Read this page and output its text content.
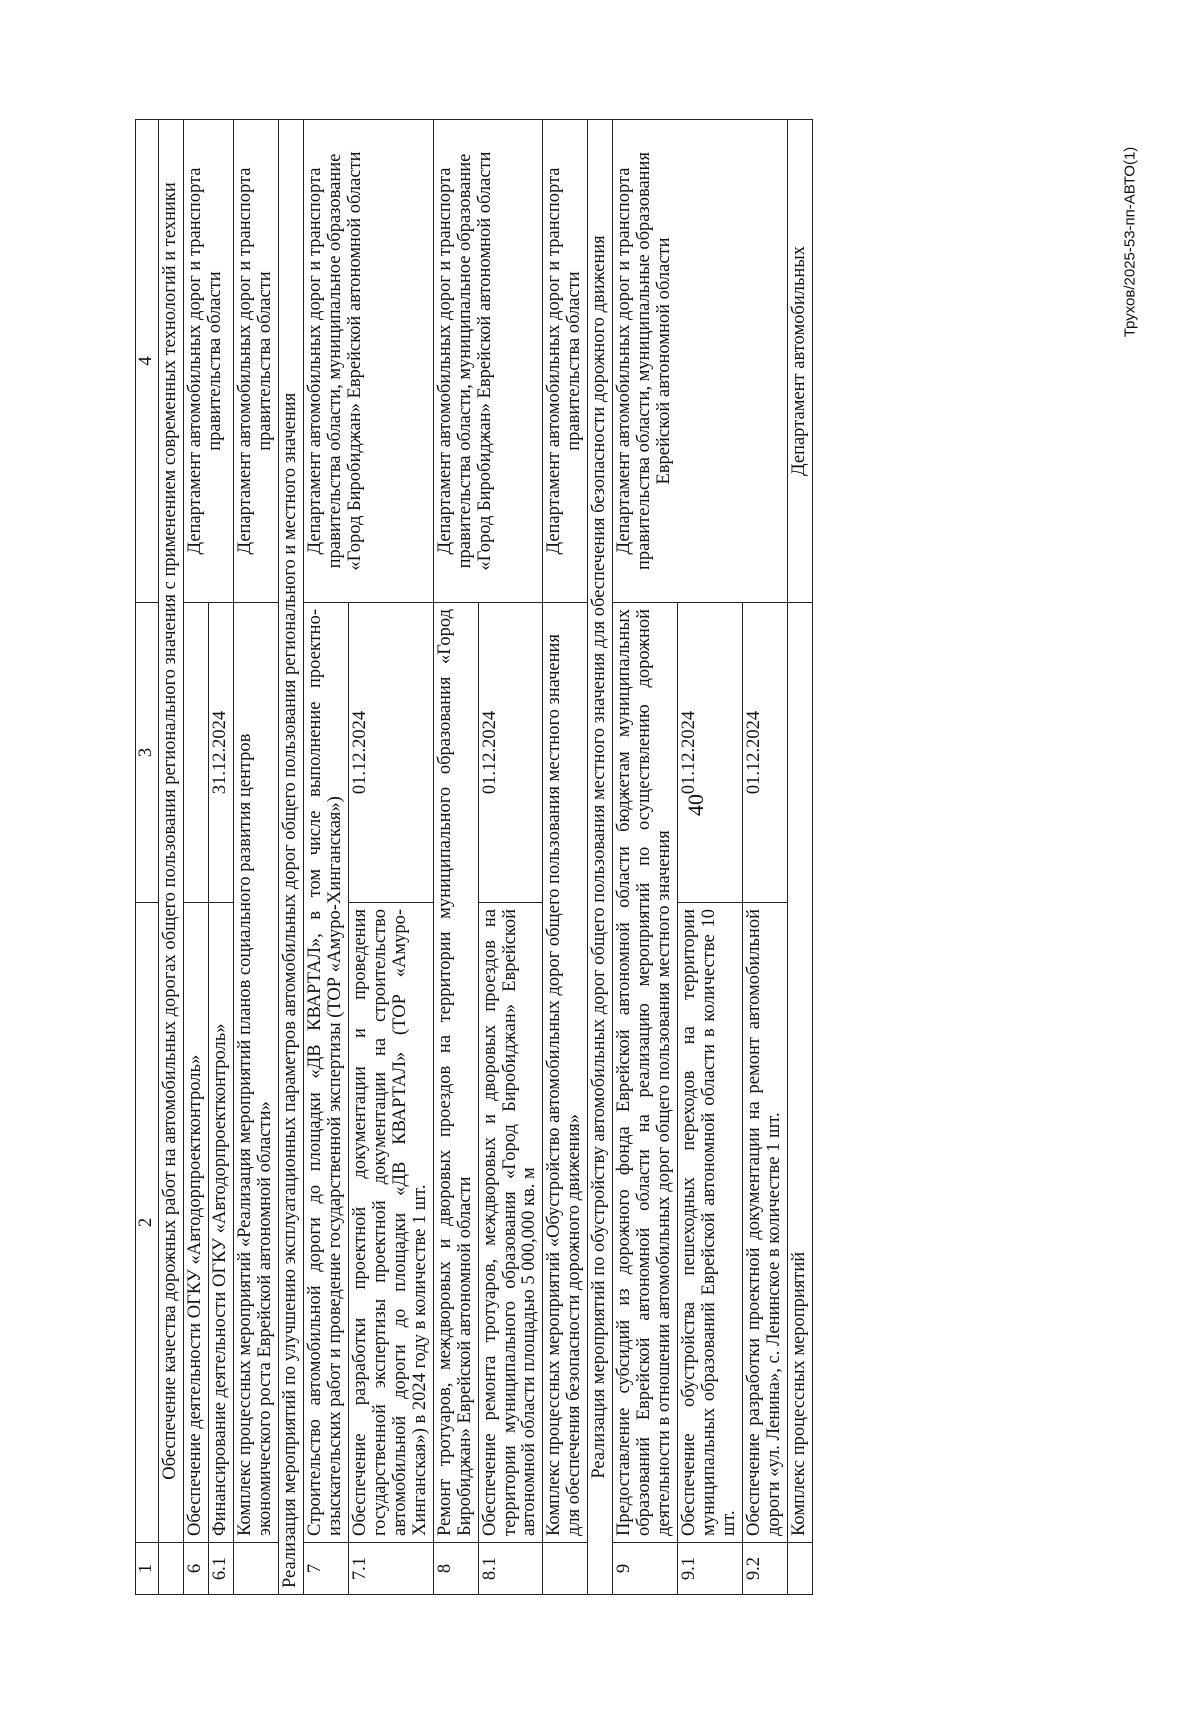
40
Трухов/2025-53-пп-АВТО(1)
1	2	3	4
	Обеспечение качества дорожных работ на автомобильных дорогах общего пользования регионального значения с применением современных технологий и техники		
6	Обеспечение деятельности ОГКУ «Автодорпроектконтроль»		Департамент автомобильных дорог и транспорта правительства области
6.1	Финансирование деятельности ОГКУ «Автодорпроектконтроль»	31.12.2024	
	Комплекс процессных мероприятий «Реализация мероприятий планов социального развития центров экономического роста Еврейской автономной области»		Департамент автомобильных дорог и транспорта правительства области
Реализация мероприятий по улучшению эксплуатационных параметров автомобильных дорог общего пользования регионального и местного значения			
7	Строительство автомобильной дороги до площадки «ДВ КВАРТАЛ», в том числе выполнение проектно-изыскательских работ и проведение государственной экспертизы (ТОР «Амуро-Хинганская»)		Департамент автомобильных дорог и транспорта правительства области, муниципальное образование «Город Биробиджан» Еврейской автономной области
7.1	Обеспечение разработки проектной документации и проведения государственной экспертизы проектной документации на строительство автомобильной дороги до площадки «ДВ КВАРТАЛ» (ТОР «Амуро-Хинганская») в 2024 году в количестве 1 шт.	01.12.2024	
8	Ремонт тротуаров, междворовых и дворовых проездов на территории муниципального образования «Город Биробиджан» Еврейской автономной области		Департамент автомобильных дорог и транспорта правительства области, муниципальное образование «Город Биробиджан» Еврейской автономной области
8.1	Обеспечение ремонта тротуаров, междворовых и дворовых проездов на территории муниципального образования «Город Биробиджан» Еврейской автономной области площадью 5 000,000 кв. м	01.12.2024	
	Комплекс процессных мероприятий «Обустройство автомобильных дорог общего пользования местного значения для обеспечения безопасности дорожного движения»		Департамент автомобильных дорог и транспорта правительства области
Реализация мероприятий по обустройству автомобильных дорог общего пользования местного значения для обеспечения безопасности дорожного движения			
9	Предоставление субсидий из дорожного фонда Еврейской автономной области бюджетам муниципальных образований Еврейской автономной области на реализацию мероприятий по осуществлению дорожной деятельности в отношении автомобильных дорог общего пользования местного значения		Департамент автомобильных дорог и транспорта правительства области, муниципальные образования Еврейской автономной области
9.1	Обеспечение обустройства пешеходных переходов на территории муниципальных образований Еврейской автономной области в количестве 10 шт.	01.12.2024	
9.2	Обеспечение разработки проектной документации на ремонт автомобильной дороги «ул. Ленина», с. Ленинское в количестве 1 шт.	01.12.2024	
	Комплекс процессных мероприятий		Департамент автомобильных
